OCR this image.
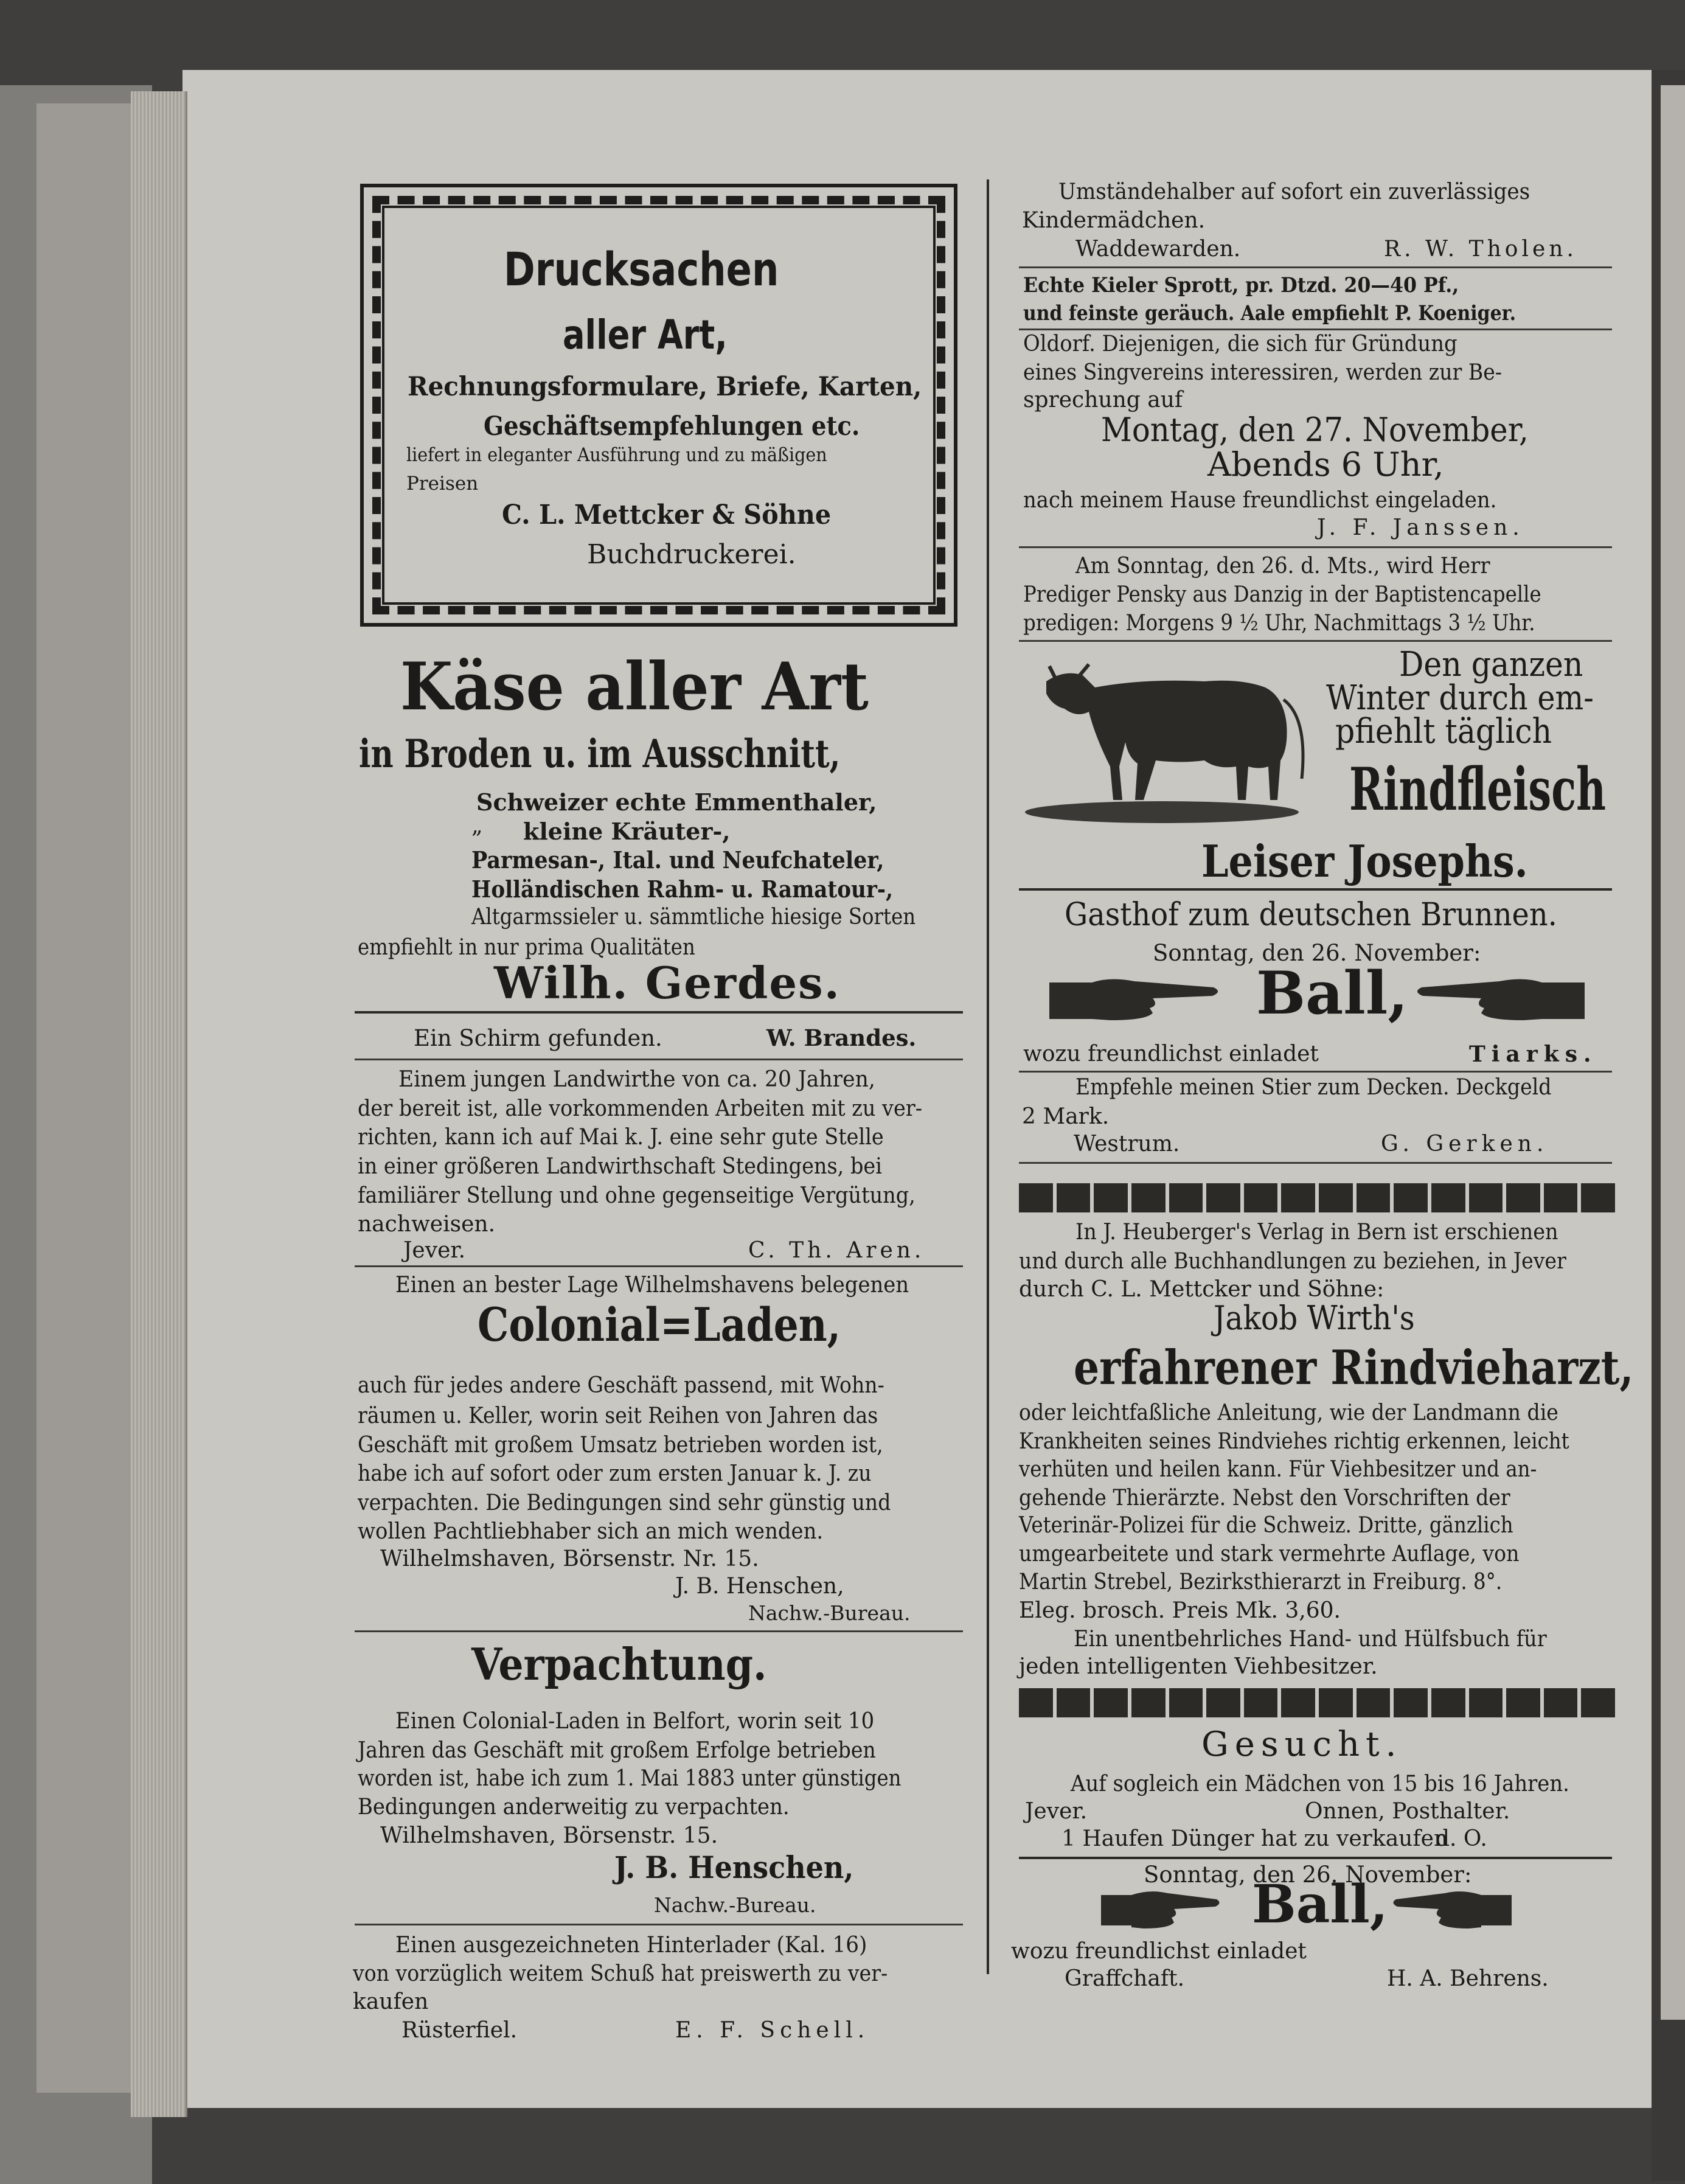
Drucksachen
aller Art,
Rechnungsformulare, Briefe, Karten,
Geschäftsempfehlungen etc.
liefert in eleganter Ausführung und zu mäßigen
Preisen
C. L. Mettcker & Söhne
Buchdruckerei.
Käse aller Art
in Broden u. im Ausschnitt,
Schweizer echte Emmenthaler,
„ kleine Kräuter-,
Parmesan-, Ital. und Neufchateler,
Holländischen Rahm- u. Ramatour-,
Altgarmssieler u. sämmtliche hiesige Sorten
empfiehlt in nur prima Qualitäten
Wilh. Gerdes.
Ein Schirm gefunden.	W. Brandes.
Einem jungen Landwirthe von ca. 20 Jahren,
der bereit ist, alle vorkommenden Arbeiten mit zu ver-
richten, kann ich auf Mai k. J. eine sehr gute Stelle
in einer größeren Landwirthschaft Stedingens, bei
familiärer Stellung und ohne gegenseitige Vergütung,
nachweisen.
Jever.	C. Th. Aren.
Einen an bester Lage Wilhelmshavens belegenen
Colonial=Laden,
auch für jedes andere Geschäft passend, mit Wohn-
räumen u. Keller, worin seit Reihen von Jahren das
Geschäft mit großem Umsatz betrieben worden ist,
habe ich auf sofort oder zum ersten Januar k. J. zu
verpachten. Die Bedingungen sind sehr günstig und
wollen Pachtliebhaber sich an mich wenden.
Wilhelmshaven, Börsenstr. Nr. 15.
J. B. Henschen,
Nachw.-Bureau.
Verpachtung.
Einen Colonial-Laden in Belfort, worin seit 10
Jahren das Geschäft mit großem Erfolge betrieben
worden ist, habe ich zum 1. Mai 1883 unter günstigen
Bedingungen anderweitig zu verpachten.
Wilhelmshaven, Börsenstr. 15.
J. B. Henschen,
Nachw.-Bureau.
Einen ausgezeichneten Hinterlader (Kal. 16)
von vorzüglich weitem Schuß hat preiswerth zu ver-
kaufen
Rüsterfiel.	E. F. Schell.
Umständehalber auf sofort ein zuverlässiges
Kindermädchen.
Waddewarden.	R. W. Tholen.
Echte Kieler Sprott, pr. Dtzd. 20—40 Pf.,
und feinste geräuch. Aale empfiehlt P. Koeniger.
Oldorf. Diejenigen, die sich für Gründung
eines Singvereins interessiren, werden zur Be-
sprechung auf
Montag, den 27. November,
Abends 6 Uhr,
nach meinem Hause freundlichst eingeladen.
J. F. Janssen.
Am Sonntag, den 26. d. Mts., wird Herr
Prediger Pensky aus Danzig in der Baptistencapelle
predigen: Morgens 9 ½ Uhr, Nachmittags 3 ½ Uhr.
Den ganzen
Winter durch em-
pfiehlt täglich
Rindfleisch
Leiser Josephs.
Gasthof zum deutschen Brunnen.
Sonntag, den 26. November:
Ball,
wozu freundlichst einladet	Tiarks.
Empfehle meinen Stier zum Decken. Deckgeld
2 Mark.
Westrum.	G. Gerken.
In J. Heuberger's Verlag in Bern ist erschienen
und durch alle Buchhandlungen zu beziehen, in Jever
durch C. L. Mettcker und Söhne:
Jakob Wirth's
erfahrener Rindvieharzt,
oder leichtfaßliche Anleitung, wie der Landmann die
Krankheiten seines Rindviehes richtig erkennen, leicht
verhüten und heilen kann. Für Viehbesitzer und an-
gehende Thierärzte. Nebst den Vorschriften der
Veterinär-Polizei für die Schweiz. Dritte, gänzlich
umgearbeitete und stark vermehrte Auflage, von
Martin Strebel, Bezirksthierarzt in Freiburg. 8°.
Eleg. brosch. Preis Mk. 3,60.
Ein unentbehrliches Hand- und Hülfsbuch für
jeden intelligenten Viehbesitzer.
Gesucht.
Auf sogleich ein Mädchen von 15 bis 16 Jahren.
Jever.	Onnen, Posthalter.
1 Haufen Dünger hat zu verkaufen
d. O.
Sonntag, den 26. November:
Ball,
wozu freundlichst einladet
Graffchaft.	H. A. Behrens.
